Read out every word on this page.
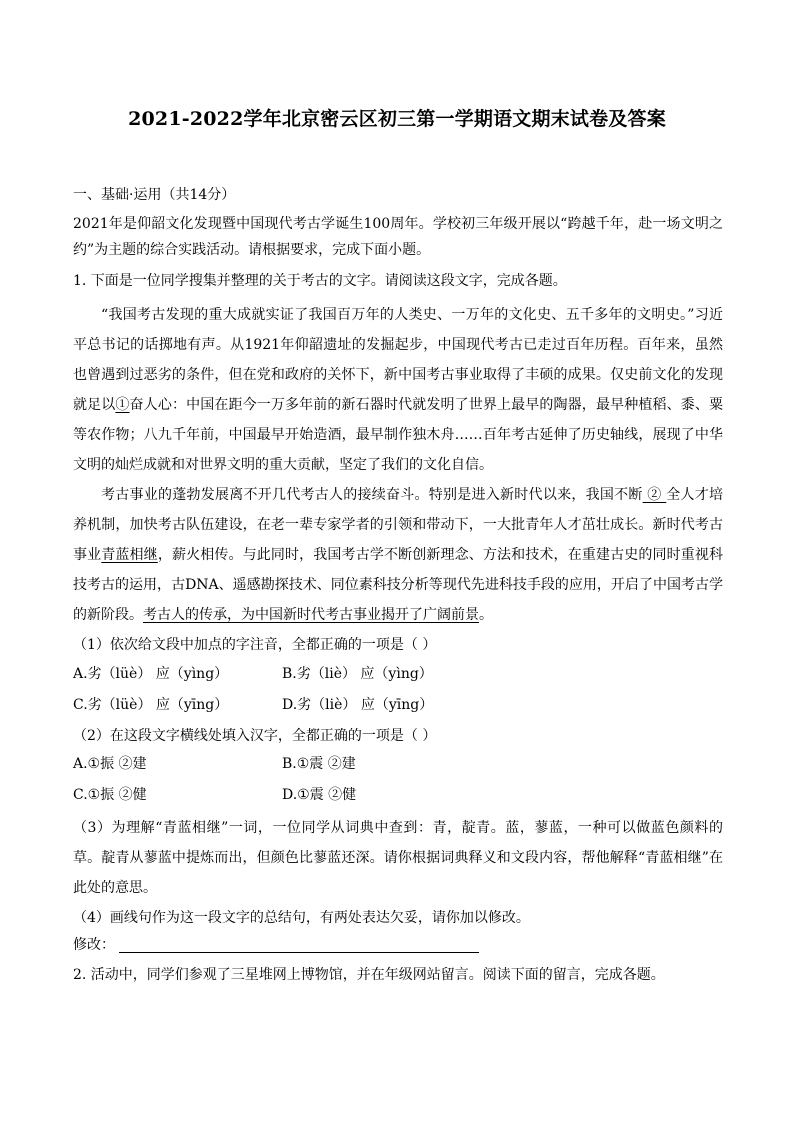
2021-2022学年北京密云区初三第一学期语文期末试卷及答案
一、基础·运用（共14分）
2021年是仰韶文化发现暨中国现代考古学诞生100周年。学校初三年级开展以“跨越千年，赴一场文明之约”为主题的综合实践活动。请根据要求，完成下面小题。
1. 下面是一位同学搜集并整理的关于考古的文字。请阅读这段文字，完成各题。
“我国考古发现的重大成就实证了我国百万年的人类史、一万年的文化史、五千多年的文明史。”习近平总书记的话掷地有声。从1921年仰韶遗址的发掘起步，中国现代考古已走过百年历程。百年来，虽然也曾遇到过恶劣的条件，但在党和政府的关怀下，新中国考古事业取得了丰硕的成果。仅史前文化的发现就足以①奋人心：中国在距今一万多年前的新石器时代就发明了世界上最早的陶器，最早种植稻、黍、粟等农作物；八九千年前，中国最早开始造酒，最早制作独木舟……百年考古延伸了历史轴线，展现了中华文明的灿烂成就和对世界文明的重大贡献，坚定了我们的文化自信。
考古事业的蓬勃发展离不开几代考古人的接续奋斗。特别是进入新时代以来，我国不断 ② 全人才培养机制，加快考古队伍建设，在老一辈专家学者的引领和带动下，一大批青年人才茁壮成长。新时代考古事业青蓝相继，薪火相传。与此同时，我国考古学不断创新理念、方法和技术，在重建古史的同时重视科技考古的运用，古DNA、遥感勘探技术、同位素科技分析等现代先进科技手段的应用，开启了中国考古学的新阶段。考古人的传承，为中国新时代考古事业揭开了广阔前景。
（1）依次给文段中加点的字注音，全都正确的一项是（ ）
A.劣（lüè） 应（yìng）	B.劣（liè） 应（yìng）
C.劣（lüè） 应（yīng）	D.劣（liè） 应（yīng）
（2）在这段文字横线处填入汉字，全都正确的一项是（ ）
A.①振 ②建	B.①震 ②建
C.①振 ②健	D.①震 ②健
（3）为理解“青蓝相继”一词，一位同学从词典中查到：青，靛青。蓝，蓼蓝，一种可以做蓝色颜料的草。靛青从蓼蓝中提炼而出，但颜色比蓼蓝还深。请你根据词典释义和文段内容，帮他解释“青蓝相继”在此处的意思。
（4）画线句作为这一段文字的总结句，有两处表达欠妥，请你加以修改。
修改：
2. 活动中，同学们参观了三星堆网上博物馆，并在年级网站留言。阅读下面的留言，完成各题。
